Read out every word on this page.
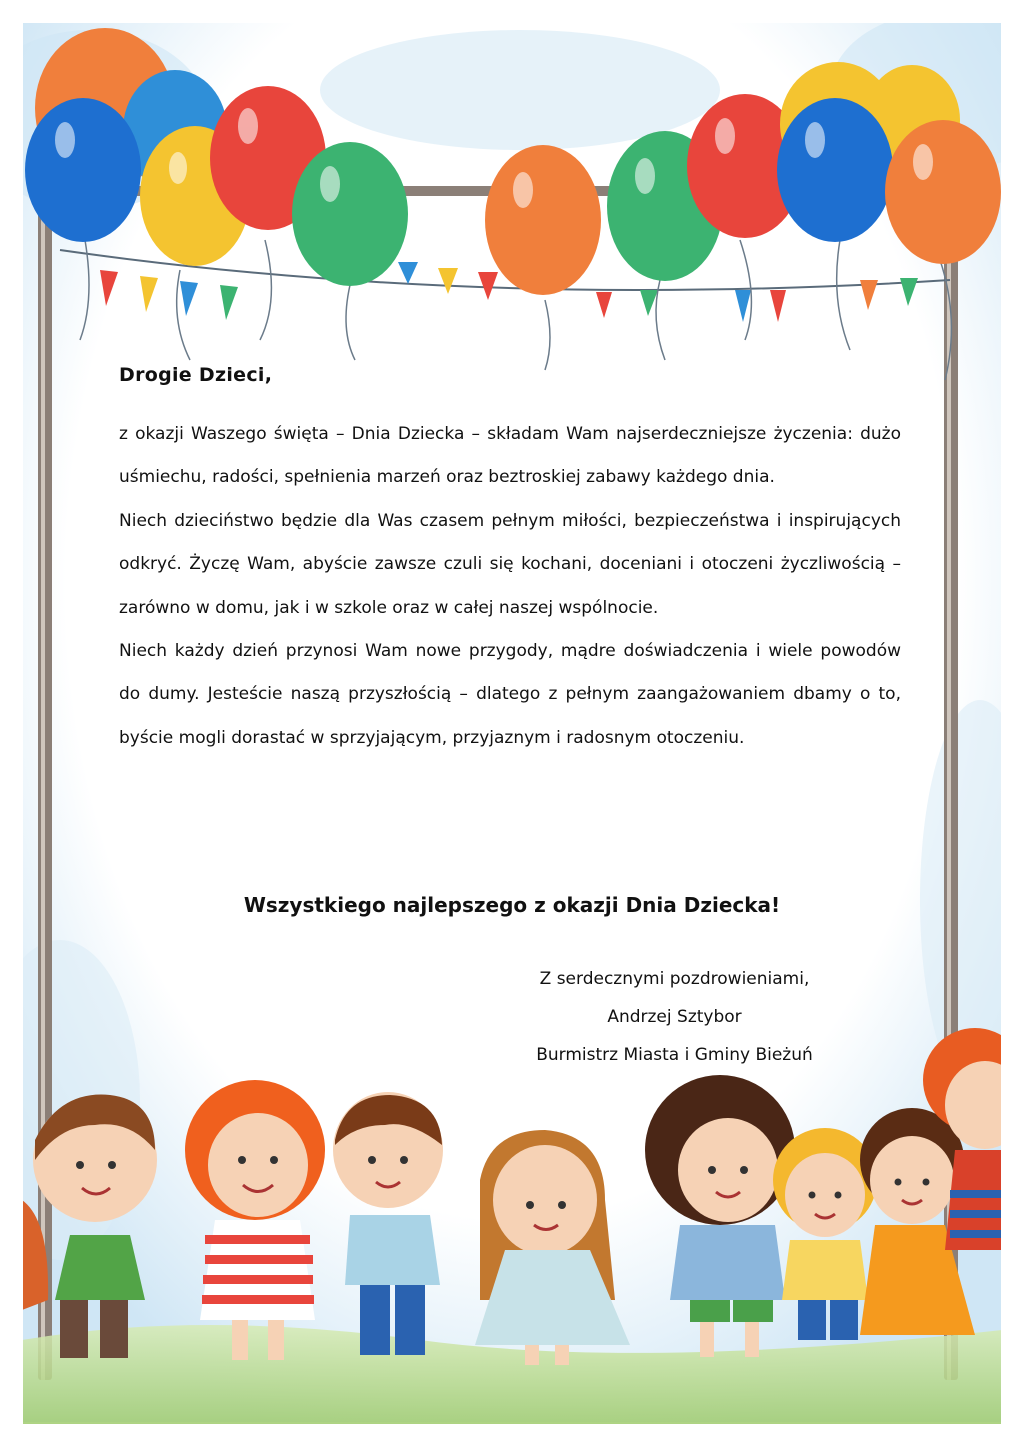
Drogie Dzieci,

z okazji Waszego święta – Dnia Dziecka – składam Wam najserdeczniejsze życzenia: dużo uśmiechu, radości, spełnienia marzeń oraz beztroskiej zabawy każdego dnia.

Niech dzieciństwo będzie dla Was czasem pełnym miłości, bezpieczeństwa i inspirujących odkryć. Życzę Wam, abyście zawsze czuli się kochani, doceniani i otoczeni życzliwością – zarówno w domu, jak i w szkole oraz w całej naszej wspólnocie.

Niech każdy dzień przynosi Wam nowe przygody, mądre doświadczenia i wiele powodów do dumy. Jesteście naszą przyszłością – dlatego z pełnym zaangażowaniem dbamy o to, byście mogli dorastać w sprzyjającym, przyjaznym i radosnym otoczeniu.

Wszystkiego najlepszego z okazji Dnia Dziecka!
Z serdecznymi pozdrowieniami,
Andrzej Sztybor
Burmistrz Miasta i Gminy Bieżuń
